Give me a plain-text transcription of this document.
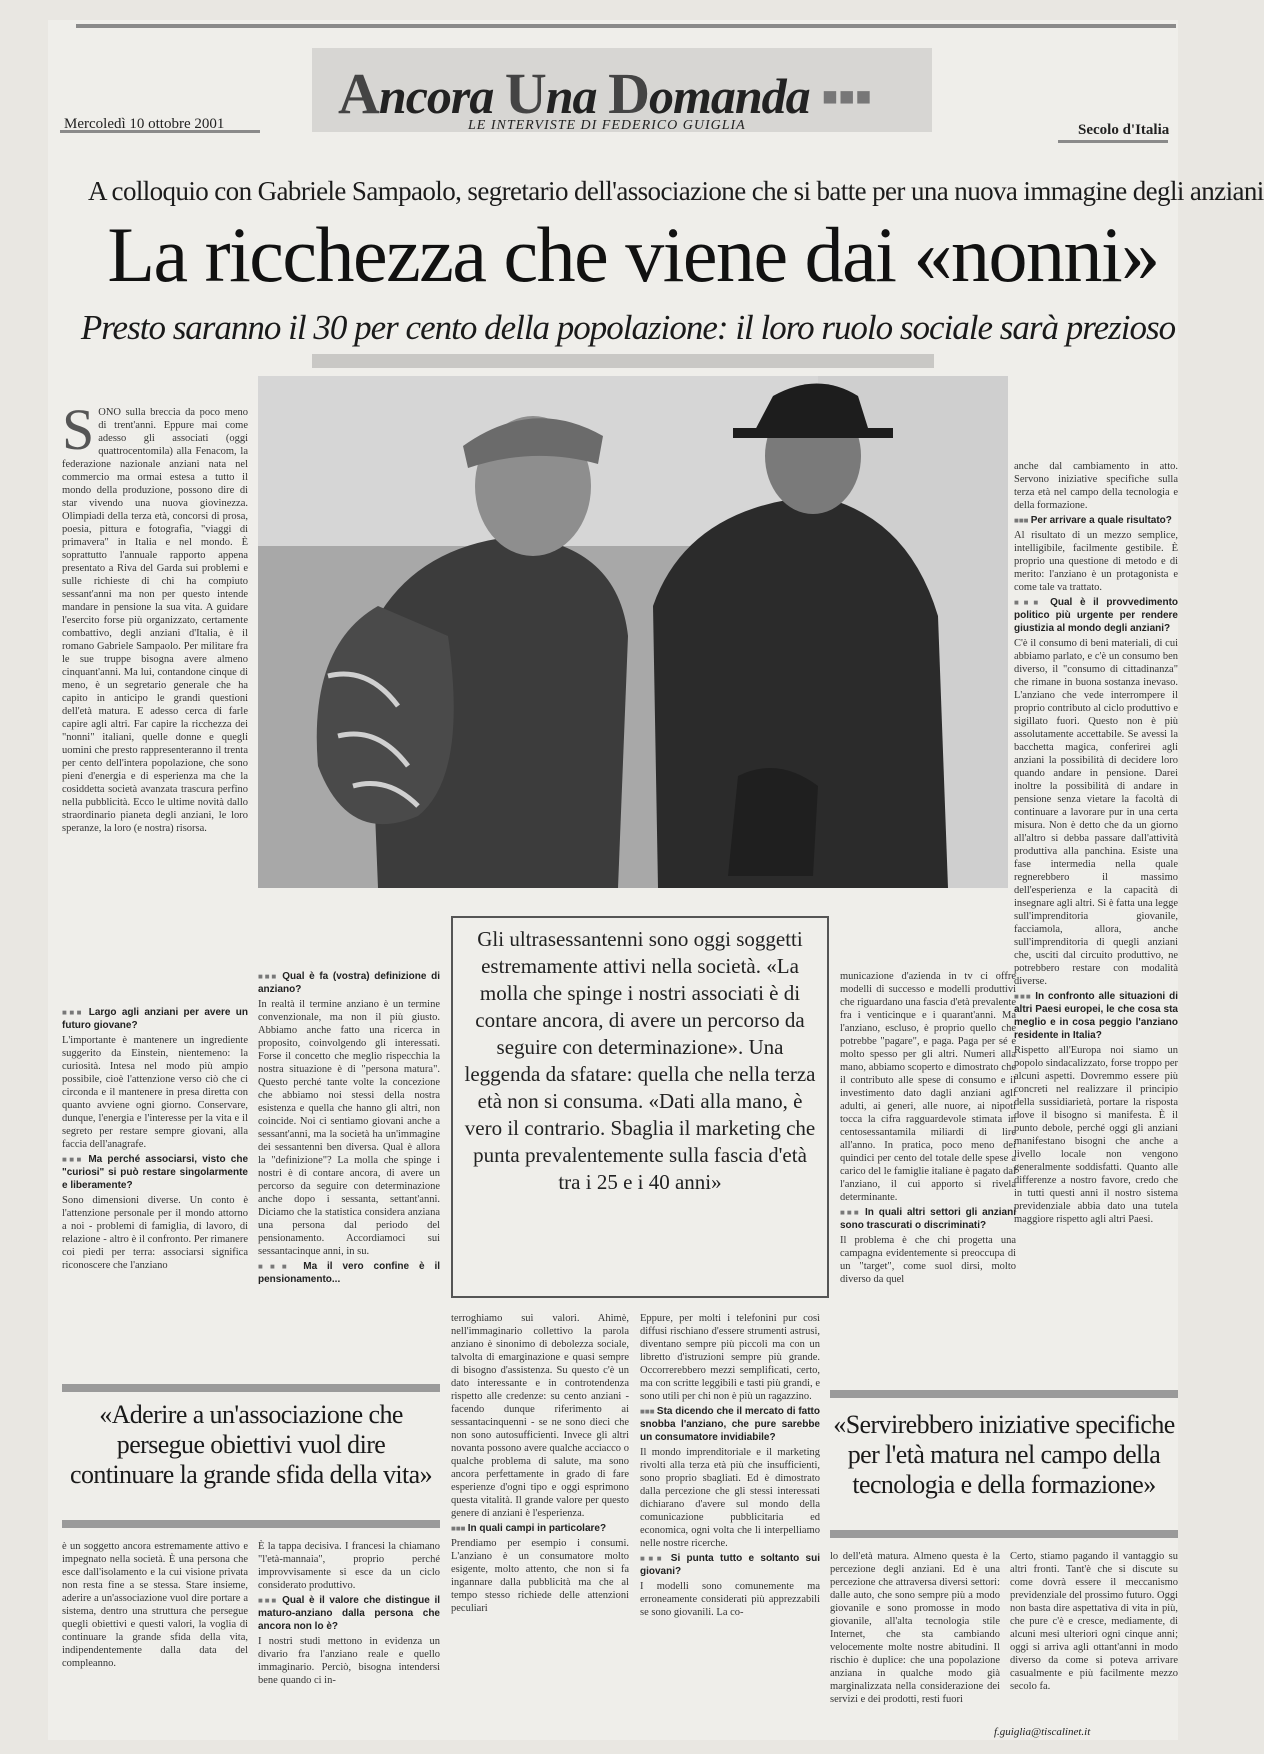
Ancora Una Domanda ▪▪▪
LE INTERVISTE DI FEDERICO GUIGLIA
Mercoledì 10 ottobre 2001	Secolo d'Italia
A colloquio con Gabriele Sampaolo, segretario dell'associazione che si batte per una nuova immagine degli anziani
La ricchezza che viene dai «nonni»
Presto saranno il 30 per cento della popolazione: il loro ruolo sociale sarà prezioso
S ONO sulla breccia da poco meno di trent'anni. Eppure mai come adesso gli associati (oggi quattrocentomila) alla Fenacom, la federazione nazionale anziani nata nel commercio ma ormai estesa a tutto il mondo della produzione, possono dire di star vivendo una nuova giovinezza. Olimpiadi della terza età, concorsi di prosa, poesia, pittura e fotografia, "viaggi di primavera" in Italia e nel mondo. È soprattutto l'annuale rapporto appena presentato a Riva del Garda sui problemi e sulle richieste di chi ha compiuto sessant'anni ma non per questo intende mandare in pensione la sua vita. A guidare l'esercito forse più organizzato, certamente combattivo, degli anziani d'Italia, è il romano Gabriele Sampaolo. Per militare fra le sue truppe bisogna avere almeno cinquant'anni. Ma lui, contandone cinque di meno, è un segretario generale che ha capito in anticipo le grandi questioni dell'età matura. E adesso cerca di farle capire agli altri. Far capire la ricchezza dei "nonni" italiani, quelle donne e quegli uomini che presto rappresenteranno il trenta per cento dell'intera popolazione, che sono pieni d'energia e di esperienza ma che la cosiddetta società avanzata trascura perfino nella pubblicità. Ecco le ultime novità dallo straordinario pianeta degli anziani, le loro speranze, la loro (e nostra) risorsa.

■■■ Largo agli anziani per avere un futuro giovane?

L'importante è mantenere un ingrediente suggerito da Einstein, nientemeno: la curiosità. Intesa nel modo più ampio possibile, cioè l'attenzione verso ciò che ci circonda e il mantenere in presa diretta con quanto avviene ogni giorno. Conservare, dunque, l'energia e l'interesse per la vita e il segreto per restare sempre giovani, alla faccia dell'anagrafe.

■■■ Ma perché associarsi, visto che "curiosi" si può restare singolarmente e liberamente?

Sono dimensioni diverse. Un conto è l'attenzione personale per il mondo attorno a noi - problemi di famiglia, di lavoro, di relazione - altro è il confronto. Per rimanere coi piedi per terra: associarsi significa riconoscere che l'anziano

■■■ Qual è fa (vostra) definizione di anziano?

In realtà il termine anziano è un termine convenzionale, ma non il più giusto. Abbiamo anche fatto una ricerca in proposito, coinvolgendo gli interessati. Forse il concetto che meglio rispecchia la nostra situazione è di "persona matura". Questo perché tante volte la concezione che abbiamo noi stessi della nostra esistenza e quella che hanno gli altri, non coincide. Noi ci sentiamo giovani anche a sessant'anni, ma la società ha un'immagine dei sessantenni ben diversa. Qual è allora la "definizione"? La molla che spinge i nostri è di contare ancora, di avere un percorso da seguire con determinazione anche dopo i sessanta, settant'anni. Diciamo che la statistica considera anziana una persona dal periodo del pensionamento. Accordiamoci sui sessantacinque anni, in su.

■■■ Ma il vero confine è il pensionamento...

Gli ultrasessantenni sono oggi soggetti estremamente attivi nella società. «La molla che spinge i nostri associati è di contare ancora, di avere un percorso da seguire con determinazione». Una leggenda da sfatare: quella che nella terza età non si consuma. «Dati alla mano, è vero il contrario. Sbaglia il marketing che punta prevalentemente sulla fascia d'età tra i 25 e i 40 anni»

terroghiamo sui valori. Ahimè, nell'immaginario collettivo la parola anziano è sinonimo di debolezza sociale, talvolta di emarginazione e quasi sempre di bisogno d'assistenza. Su questo c'è un dato interessante e in controtendenza rispetto alle credenze: su cento anziani - facendo dunque riferimento ai sessantacinquenni - se ne sono dieci che non sono autosufficienti. Invece gli altri novanta possono avere qualche acciacco o qualche problema di salute, ma sono ancora perfettamente in grado di fare esperienze d'ogni tipo e oggi esprimono questa vitalità. Il grande valore per questo genere di anziani è l'esperienza.

■■■ In quali campi in particolare?

Prendiamo per esempio i consumi. L'anziano è un consumatore molto esigente, molto attento, che non si fa ingannare dalla pubblicità ma che al tempo stesso richiede delle attenzioni peculiari

Eppure, per molti i telefonini pur così diffusi rischiano d'essere strumenti astrusi, diventano sempre più piccoli ma con un libretto d'istruzioni sempre più grande. Occorrerebbero mezzi semplificati, certo, ma con scritte leggibili e tasti più grandi, e sono utili per chi non è più un ragazzino.

■■■ Sta dicendo che il mercato di fatto snobba l'anziano, che pure sarebbe un consumatore invidiabile?

Il mondo imprenditoriale e il marketing rivolti alla terza età più che insufficienti, sono proprio sbagliati. Ed è dimostrato dalla percezione che gli stessi interessati dichiarano d'avere sul mondo della comunicazione pubblicitaria ed economica, ogni volta che li interpelliamo nelle nostre ricerche.

■■■ Si punta tutto e soltanto sui giovani?

I modelli sono comunemente ma erroneamente considerati più apprezzabili se sono giovanili. La co-

municazione d'azienda in tv ci offre modelli di successo e modelli produttivi che riguardano una fascia d'età prevalente fra i venticinque e i quarant'anni. Ma l'anziano, escluso, è proprio quello che potrebbe "pagare", e paga. Paga per sé e molto spesso per gli altri. Numeri alla mano, abbiamo scoperto e dimostrato che il contributo alle spese di consumo e il investimento dato dagli anziani agli adulti, ai generi, alle nuore, ai nipoti tocca la cifra ragguardevole stimata in centosessantamila miliardi di lire all'anno. In pratica, poco meno dei quindici per cento del totale delle spese a carico del le famiglie italiane è pagato dal l'anziano, il cui apporto si rivela determinante.

■■■ In quali altri settori gli anziani sono trascurati o discriminati?

Il problema è che chi progetta una campagna evidentemente si preoccupa di un "target", come suol dirsi, molto diverso da quel

anche dal cambiamento in atto. Servono iniziative specifiche sulla terza età nel campo della tecnologia e della formazione.

■■■ Per arrivare a quale risultato?

Al risultato di un mezzo semplice, intelligibile, facilmente gestibile. È proprio una questione di metodo e di merito: l'anziano è un protagonista e come tale va trattato.

■■■ Qual è il provvedimento politico più urgente per rendere giustizia al mondo degli anziani?

C'è il consumo di beni materiali, di cui abbiamo parlato, e c'è un consumo ben diverso, il "consumo di cittadinanza" che rimane in buona sostanza inevaso. L'anziano che vede interrompere il proprio contributo al ciclo produttivo e sigillato fuori. Questo non è più assolutamente accettabile. Se avessi la bacchetta magica, conferirei agli anziani la possibilità di decidere loro quando andare in pensione. Darei inoltre la possibilità di andare in pensione senza vietare la facoltà di continuare a lavorare pur in una certa misura. Non è detto che da un giorno all'altro si debba passare dall'attività produttiva alla panchina. Esiste una fase intermedia nella quale regnerebbero il massimo dell'esperienza e la capacità di insegnare agli altri. Si è fatta una legge sull'imprenditoria giovanile, facciamola, allora, anche sull'imprenditoria di quegli anziani che, usciti dal circuito produttivo, ne potrebbero restare con modalità diverse.

■■■ In confronto alle situazioni di altri Paesi europei, le che cosa sta meglio e in cosa peggio l'anziano residente in Italia?

Rispetto all'Europa noi siamo un popolo sindacalizzato, forse troppo per alcuni aspetti. Dovremmo essere più concreti nel realizzare il principio della sussidiarietà, portare la risposta dove il bisogno si manifesta. È il punto debole, perché oggi gli anziani manifestano bisogni che anche a livello locale non vengono generalmente soddisfatti. Quanto alle differenze a nostro favore, credo che in tutti questi anni il nostro sistema previdenziale abbia dato una tutela maggiore rispetto agli altri Paesi.

«Aderire a un'associazione che persegue obiettivi vuol dire continuare la grande sfida della vita»
«Servirebbero iniziative specifiche per l'età matura nel campo della tecnologia e della formazione»

è un soggetto ancora estremamente attivo e impegnato nella società. È una persona che esce dall'isolamento e la cui visione privata non resta fine a se stessa. Stare insieme, aderire a un'associazione vuol dire portare a sistema, dentro una struttura che persegue quegli obiettivi e questi valori, la voglia di continuare la grande sfida della vita, indipendentemente dalla data del compleanno.

È la tappa decisiva. I francesi la chiamano "l'età-mannaia", proprio perché improvvisamente si esce da un ciclo considerato produttivo.

■■■ Qual è il valore che distingue il maturo-anziano dalla persona che ancora non lo è?

I nostri studi mettono in evidenza un divario fra l'anziano reale e quello immaginario. Perciò, bisogna intendersi bene quando ci in-

lo dell'età matura. Almeno questa è la percezione degli anziani. Ed è una percezione che attraversa diversi settori: dalle auto, che sono sempre più a modo giovanile e sono promosse in modo giovanile, all'alta tecnologia stile Internet, che sta cambiando velocemente molte nostre abitudini. Il rischio è duplice: che una popolazione anziana in qualche modo già marginalizzata nella considerazione dei servizi e dei prodotti, resti fuori

Certo, stiamo pagando il vantaggio su altri fronti. Tant'è che si discute su come dovrà essere il meccanismo previdenziale del prossimo futuro. Oggi non basta dire aspettativa di vita in più, che pure c'è e cresce, mediamente, di alcuni mesi ulteriori ogni cinque anni; oggi si arriva agli ottant'anni in modo diverso da come si poteva arrivare casualmente e più facilmente mezzo secolo fa.

f.guiglia@tiscalinet.it
